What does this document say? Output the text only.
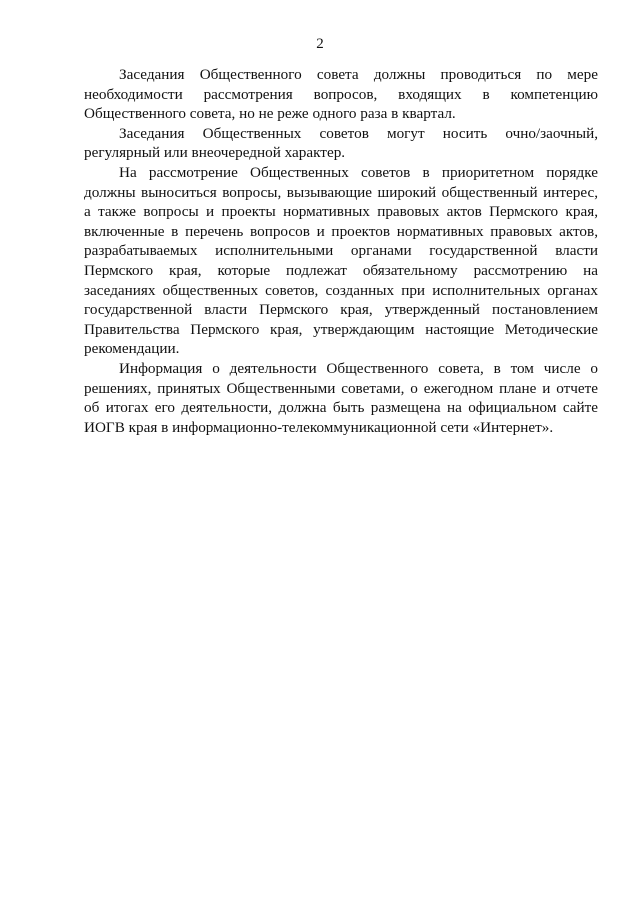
2

Заседания Общественного совета должны проводиться по мере необходимости рассмотрения вопросов, входящих в компетенцию Общественного совета, но не реже одного раза в квартал.

Заседания Общественных советов могут носить очно/заочный, регулярный или внеочередной характер.

На рассмотрение Общественных советов в приоритетном порядке должны выноситься вопросы, вызывающие широкий общественный интерес, а также вопросы и проекты нормативных правовых актов Пермского края, включенные в перечень вопросов и проектов нормативных правовых актов, разрабатываемых исполнительными органами государственной власти Пермского края, которые подлежат обязательному рассмотрению на заседаниях общественных советов, созданных при исполнительных органах государственной власти Пермского края, утвержденный постановлением Правительства Пермского края, утверждающим настоящие Методические рекомендации.

Информация о деятельности Общественного совета, в том числе о решениях, принятых Общественными советами, о ежегодном плане и отчете об итогах его деятельности, должна быть размещена на официальном сайте ИОГВ края в информационно-телекоммуникационной сети «Интернет».
